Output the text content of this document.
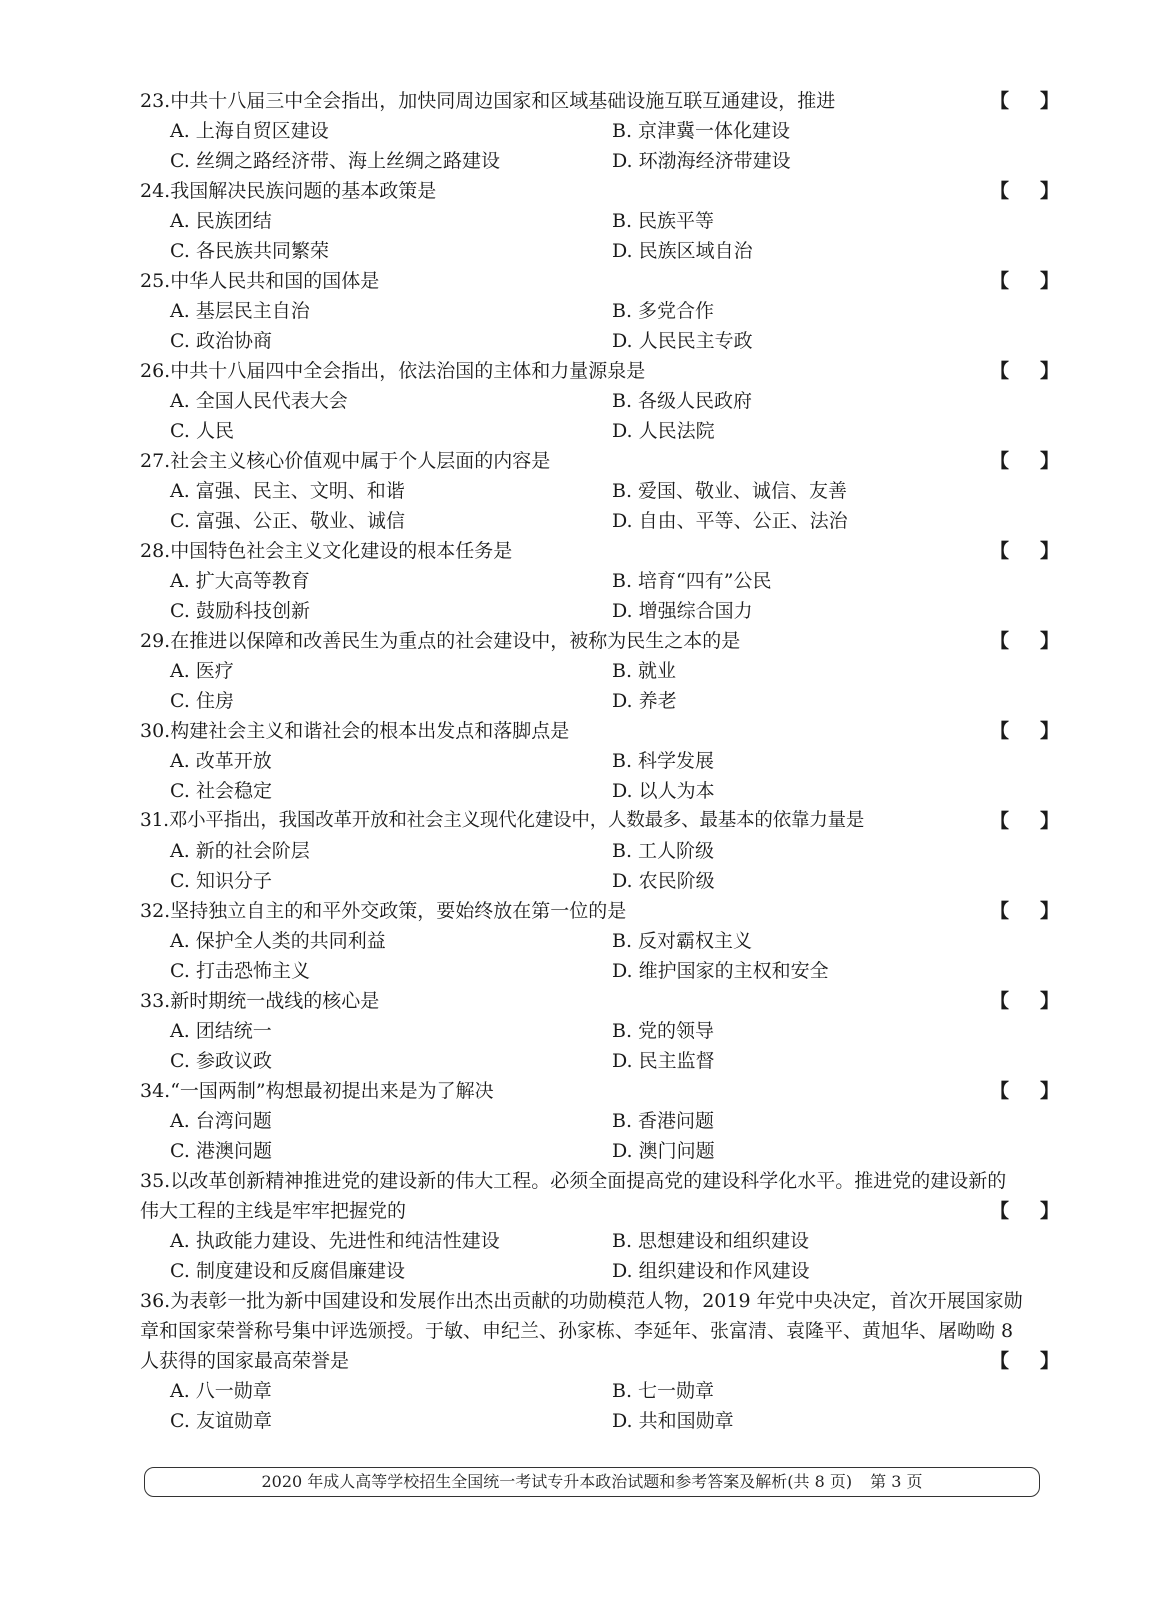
23.中共十八届三中全会指出，加快同周边国家和区域基础设施互联互通建设，推进	【 】
A. 上海自贸区建设	B. 京津冀一体化建设
C. 丝绸之路经济带、海上丝绸之路建设	D. 环渤海经济带建设
24.我国解决民族问题的基本政策是	【 】
A. 民族团结	B. 民族平等
C. 各民族共同繁荣	D. 民族区域自治
25.中华人民共和国的国体是	【 】
A. 基层民主自治	B. 多党合作
C. 政治协商	D. 人民民主专政
26.中共十八届四中全会指出，依法治国的主体和力量源泉是	【 】
A. 全国人民代表大会	B. 各级人民政府
C. 人民	D. 人民法院
27.社会主义核心价值观中属于个人层面的内容是	【 】
A. 富强、民主、文明、和谐	B. 爱国、敬业、诚信、友善
C. 富强、公正、敬业、诚信	D. 自由、平等、公正、法治
28.中国特色社会主义文化建设的根本任务是	【 】
A. 扩大高等教育	B. 培育“四有”公民
C. 鼓励科技创新	D. 增强综合国力
29.在推进以保障和改善民生为重点的社会建设中，被称为民生之本的是	【 】
A. 医疗	B. 就业
C. 住房	D. 养老
30.构建社会主义和谐社会的根本出发点和落脚点是	【 】
A. 改革开放	B. 科学发展
C. 社会稳定	D. 以人为本
31.邓小平指出，我国改革开放和社会主义现代化建设中，人数最多、最基本的依靠力量是	【 】
A. 新的社会阶层	B. 工人阶级
C. 知识分子	D. 农民阶级
32.坚持独立自主的和平外交政策，要始终放在第一位的是	【 】
A. 保护全人类的共同利益	B. 反对霸权主义
C. 打击恐怖主义	D. 维护国家的主权和安全
33.新时期统一战线的核心是	【 】
A. 团结统一	B. 党的领导
C. 参政议政	D. 民主监督
34.“一国两制”构想最初提出来是为了解决	【 】
A. 台湾问题	B. 香港问题
C. 港澳问题	D. 澳门问题
35.以改革创新精神推进党的建设新的伟大工程。必须全面提高党的建设科学化水平。推进党的建设新的伟大工程的主线是牢牢把握党的	【 】
A. 执政能力建设、先进性和纯洁性建设	B. 思想建设和组织建设
C. 制度建设和反腐倡廉建设	D. 组织建设和作风建设
36.为表彰一批为新中国建设和发展作出杰出贡献的功勋模范人物，2019 年党中央决定，首次开展国家勋章和国家荣誉称号集中评选颁授。于敏、申纪兰、孙家栋、李延年、张富清、袁隆平、黄旭华、屠呦呦 8 人获得的国家最高荣誉是	【 】
A. 八一勋章	B. 七一勋章
C. 友谊勋章	D. 共和国勋章
2020 年成人高等学校招生全国统一考试专升本政治试题和参考答案及解析(共 8 页) 第 3 页
